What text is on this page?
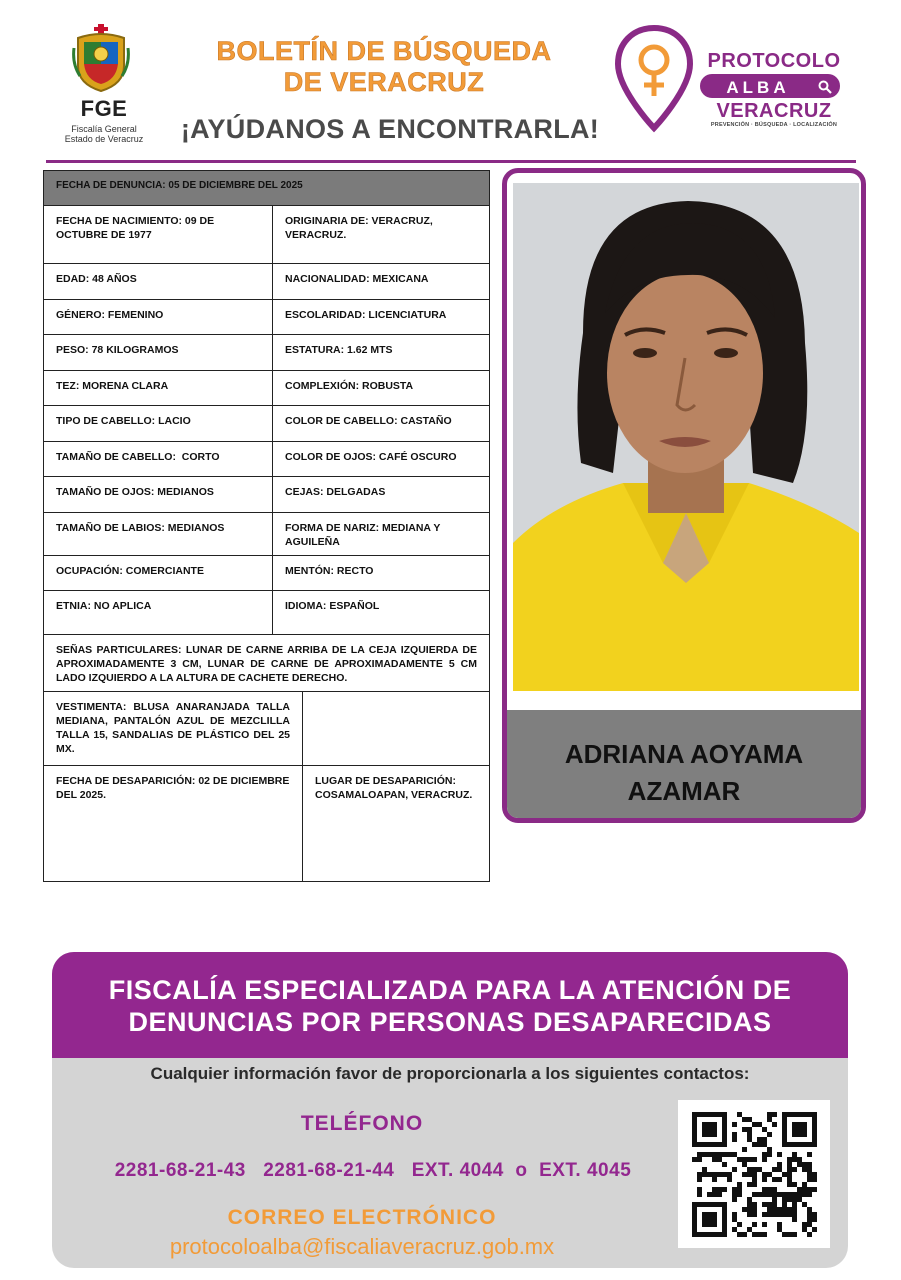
FGE
Fiscalía General
Estado de Veracruz
BOLETÍN DE BÚSQUEDA
DE VERACRUZ
¡AYÚDANOS A ENCONTRARLA!
PROTOCOLO
ALBA
VERACRUZ
PREVENCIÓN · BÚSQUEDA · LOCALIZACIÓN
FECHA DE DENUNCIA: 05 DE DICIEMBRE DEL 2025
FECHA DE NACIMIENTO: 09 DE OCTUBRE DE 1977
ORIGINARIA DE: VERACRUZ, VERACRUZ.
EDAD: 48 AÑOS	NACIONALIDAD: MEXICANA
GÉNERO: FEMENINO	ESCOLARIDAD: LICENCIATURA
PESO: 78 KILOGRAMOS	ESTATURA: 1.62 MTS
TEZ: MORENA CLARA	COMPLEXIÓN: ROBUSTA
TIPO DE CABELLO: LACIO	COLOR DE CABELLO: CASTAÑO
TAMAÑO DE CABELLO:  CORTO	COLOR DE OJOS: CAFÉ OSCURO
TAMAÑO DE OJOS: MEDIANOS	CEJAS: DELGADAS
TAMAÑO DE LABIOS: MEDIANOS	FORMA DE NARIZ: MEDIANA Y AGUILEÑA
OCUPACIÓN: COMERCIANTE	MENTÓN: RECTO
ETNIA: NO APLICA	IDIOMA: ESPAÑOL
SEÑAS PARTICULARES: LUNAR DE CARNE ARRIBA DE LA CEJA IZQUIERDA DE APROXIMADAMENTE 3 CM, LUNAR DE CARNE DE APROXIMADAMENTE 5 CM LADO IZQUIERDO A LA ALTURA DE CACHETE DERECHO.
VESTIMENTA: BLUSA ANARANJADA TALLA MEDIANA, PANTALÓN AZUL DE MEZCLILLA TALLA 15, SANDALIAS DE PLÁSTICO DEL 25 MX.
FECHA DE DESAPARICIÓN: 02 DE DICIEMBRE DEL 2025.
LUGAR DE DESAPARICIÓN: COSAMALOAPAN, VERACRUZ.
ADRIANA AOYAMA
AZAMAR
FISCALÍA ESPECIALIZADA PARA LA ATENCIÓN DE
DENUNCIAS POR PERSONAS DESAPARECIDAS
Cualquier información favor de proporcionarla a los siguientes contactos:
TELÉFONO
2281-68-21-43   2281-68-21-44   EXT. 4044  o  EXT. 4045
CORREO ELECTRÓNICO
protocoloalba@fiscaliaveracruz.gob.mx
